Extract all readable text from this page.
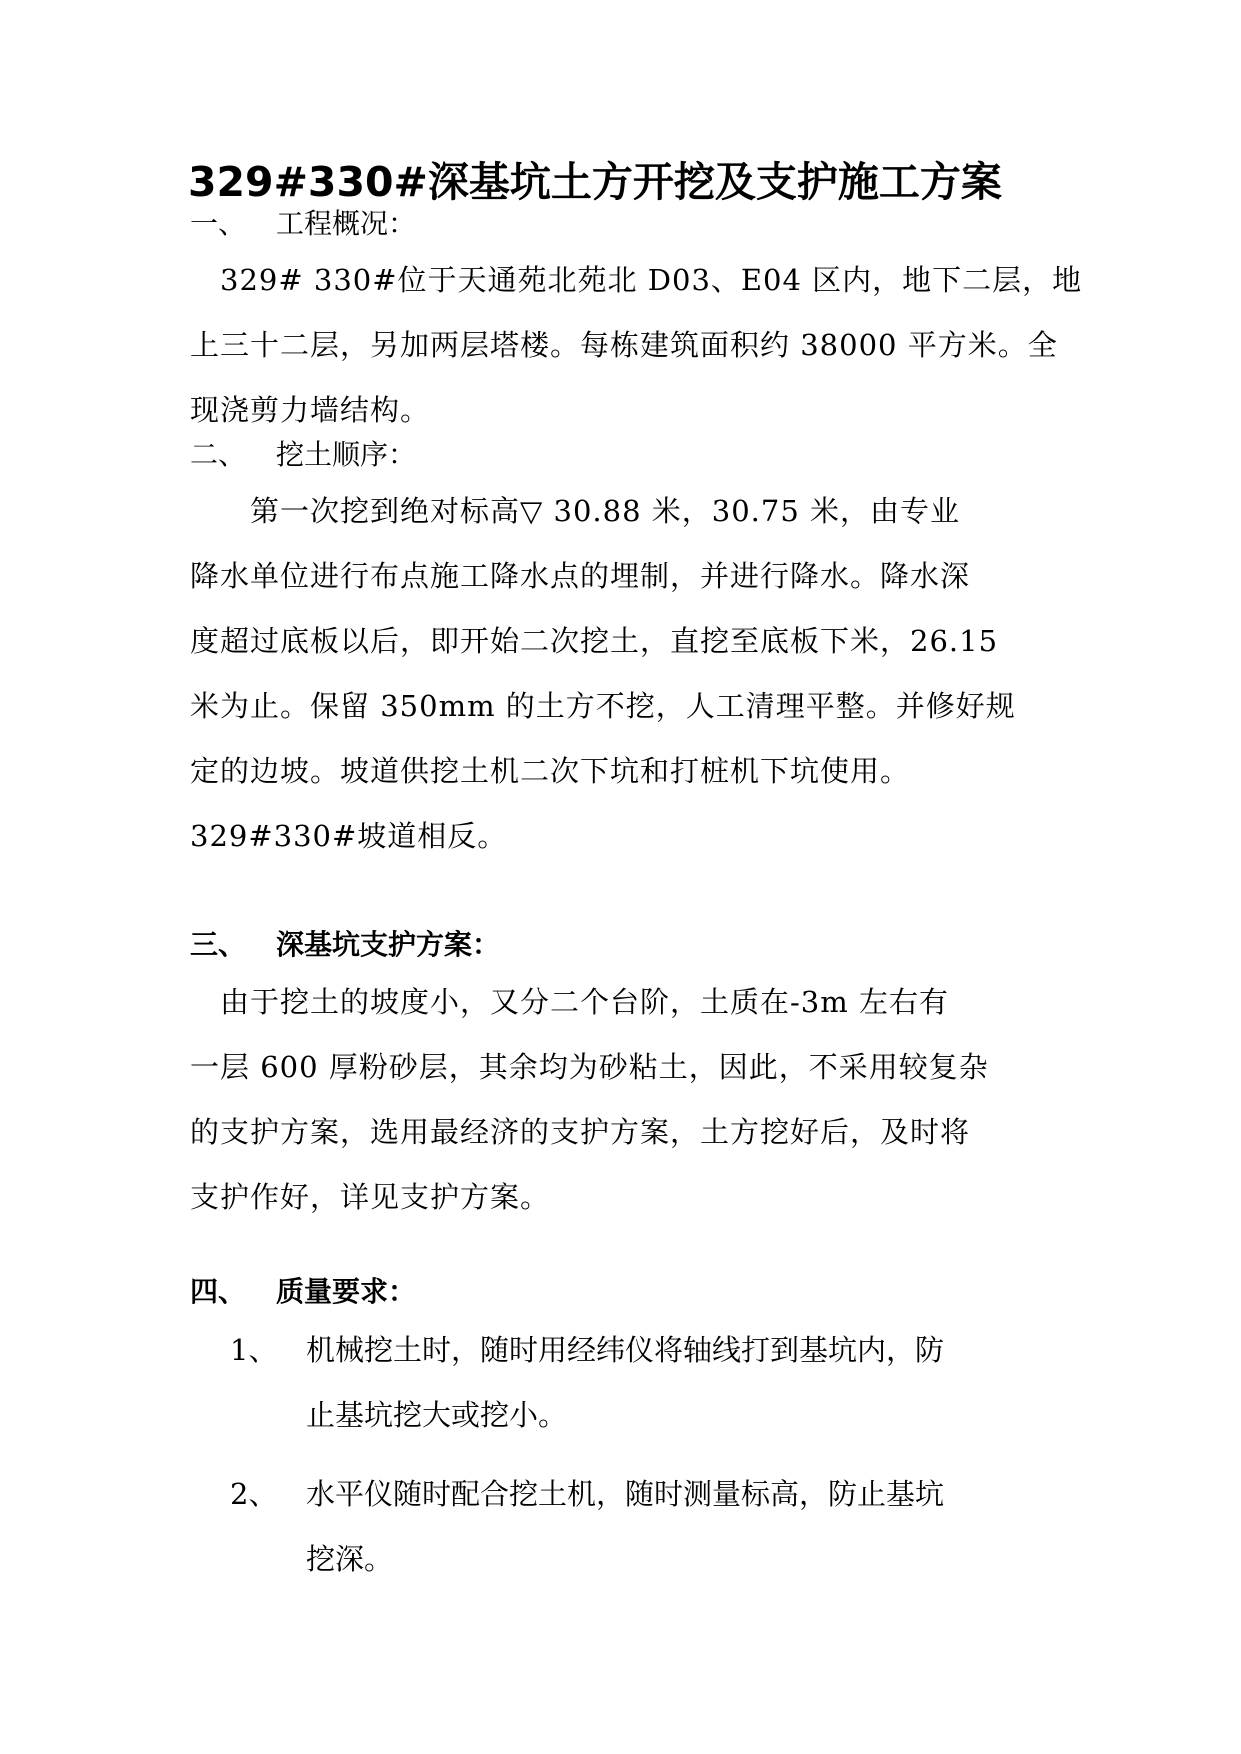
329#330#深基坑土方开挖及支护施工方案
一、 工程概况：
　329# 330#位于天通苑北苑北 D03、E04 区内，地下二层，地
上三十二层，另加两层塔楼。每栋建筑面积约 38000 平方米。全
现浇剪力墙结构。
二、 挖土顺序：
　　第一次挖到绝对标高▽ 30.88 米，30.75 米，由专业
降水单位进行布点施工降水点的埋制，并进行降水。降水深
度超过底板以后，即开始二次挖土，直挖至底板下米，26.15
米为止。保留 350mm 的土方不挖，人工清理平整。并修好规
定的边坡。坡道供挖土机二次下坑和打桩机下坑使用。
329#330#坡道相反。
三、 深基坑支护方案：
　由于挖土的坡度小，又分二个台阶，土质在-3m 左右有
一层 600 厚粉砂层，其余均为砂粘土，因此，不采用较复杂
的支护方案，选用最经济的支护方案，土方挖好后，及时将
支护作好，详见支护方案。
四、 质量要求：
1、 机械挖土时，随时用经纬仪将轴线打到基坑内，防
止基坑挖大或挖小。
2、 水平仪随时配合挖土机，随时测量标高，防止基坑
挖深。
